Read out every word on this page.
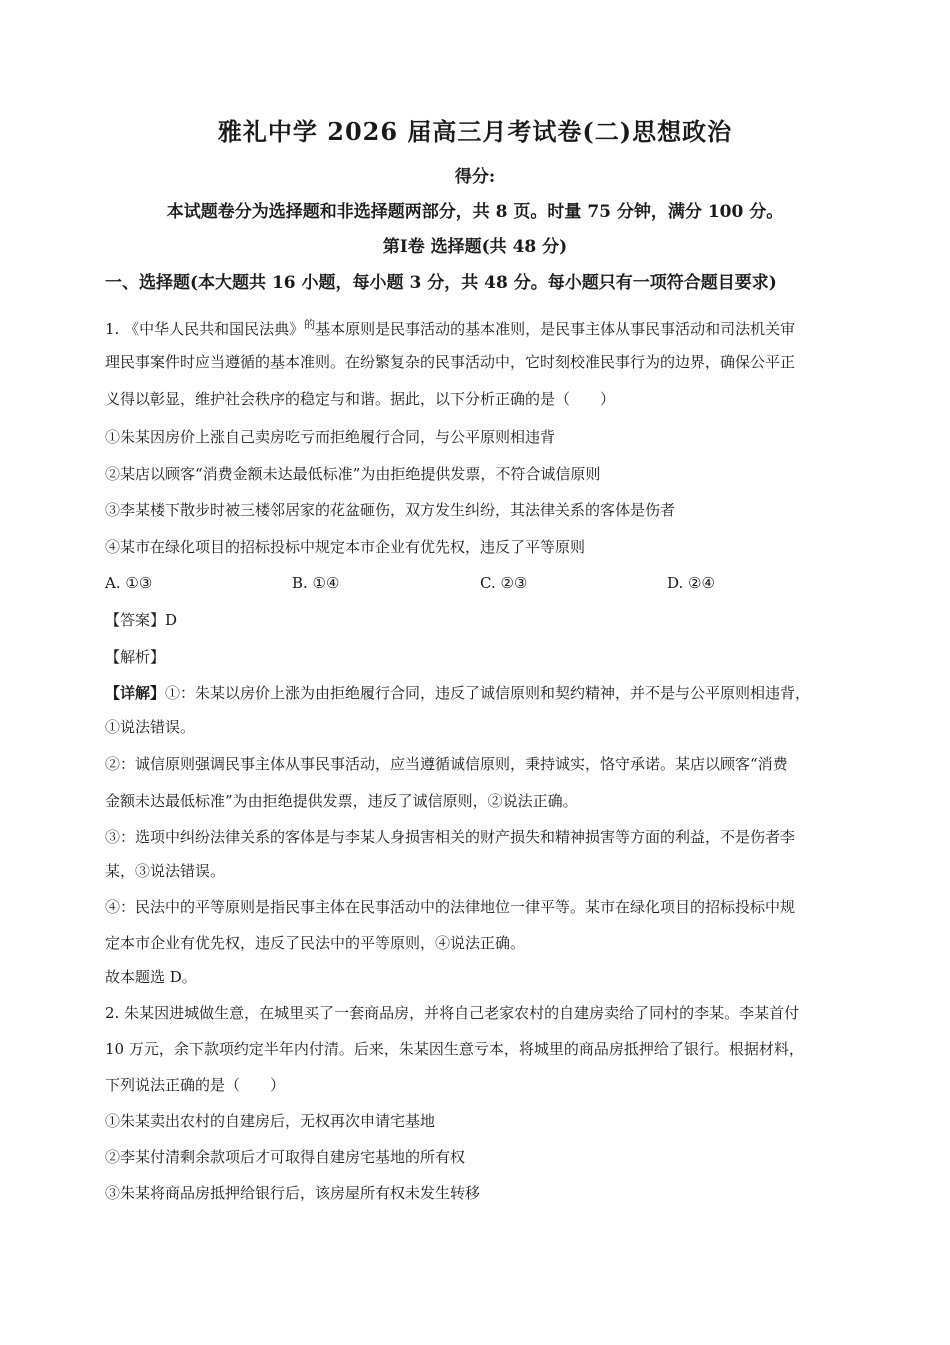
雅礼中学 2026 届高三月考试卷(二)思想政治
得分:
本试题卷分为选择题和非选择题两部分，共 8 页。时量 75 分钟，满分 100 分。
第Ⅰ卷 选择题(共 48 分)
一、选择题(本大题共 16 小题，每小题 3 分，共 48 分。每小题只有一项符合题目要求)
1. 《中华人民共和国民法典》$^的$基本原则是民事活动的基本准则，是民事主体从事民事活动和司法机关审
理民事案件时应当遵循的基本准则。在纷繁复杂的民事活动中，它时刻校准民事行为的边界，确保公平正
义得以彰显，维护社会秩序的稳定与和谐。据此，以下分析正确的是（　　）
①朱某因房价上涨自己卖房吃亏而拒绝履行合同，与公平原则相违背
②某店以顾客“消费金额未达最低标准”为由拒绝提供发票，不符合诚信原则
③李某楼下散步时被三楼邻居家的花盆砸伤，双方发生纠纷，其法律关系的客体是伤者
④某市在绿化项目的招标投标中规定本市企业有优先权，违反了平等原则
A. ①③	B. ①④	C. ②③	D. ②④
【答案】D
【解析】
【详解】①：朱某以房价上涨为由拒绝履行合同，违反了诚信原则和契约精神，并不是与公平原则相违背，
①说法错误。
②：诚信原则强调民事主体从事民事活动，应当遵循诚信原则，秉持诚实，恪守承诺。某店以顾客“消费
金额未达最低标准”为由拒绝提供发票，违反了诚信原则，②说法正确。
③：选项中纠纷法律关系的客体是与李某人身损害相关的财产损失和精神损害等方面的利益，不是伤者李
某，③说法错误。
④：民法中的平等原则是指民事主体在民事活动中的法律地位一律平等。某市在绿化项目的招标投标中规
定本市企业有优先权，违反了民法中的平等原则，④说法正确。
故本题选 D。
2. 朱某因进城做生意，在城里买了一套商品房，并将自己老家农村的自建房卖给了同村的李某。李某首付
10 万元，余下款项约定半年内付清。后来，朱某因生意亏本，将城里的商品房抵押给了银行。根据材料，
下列说法正确的是（　　）
①朱某卖出农村的自建房后，无权再次申请宅基地
②李某付清剩余款项后才可取得自建房宅基地的所有权
③朱某将商品房抵押给银行后，该房屋所有权未发生转移
